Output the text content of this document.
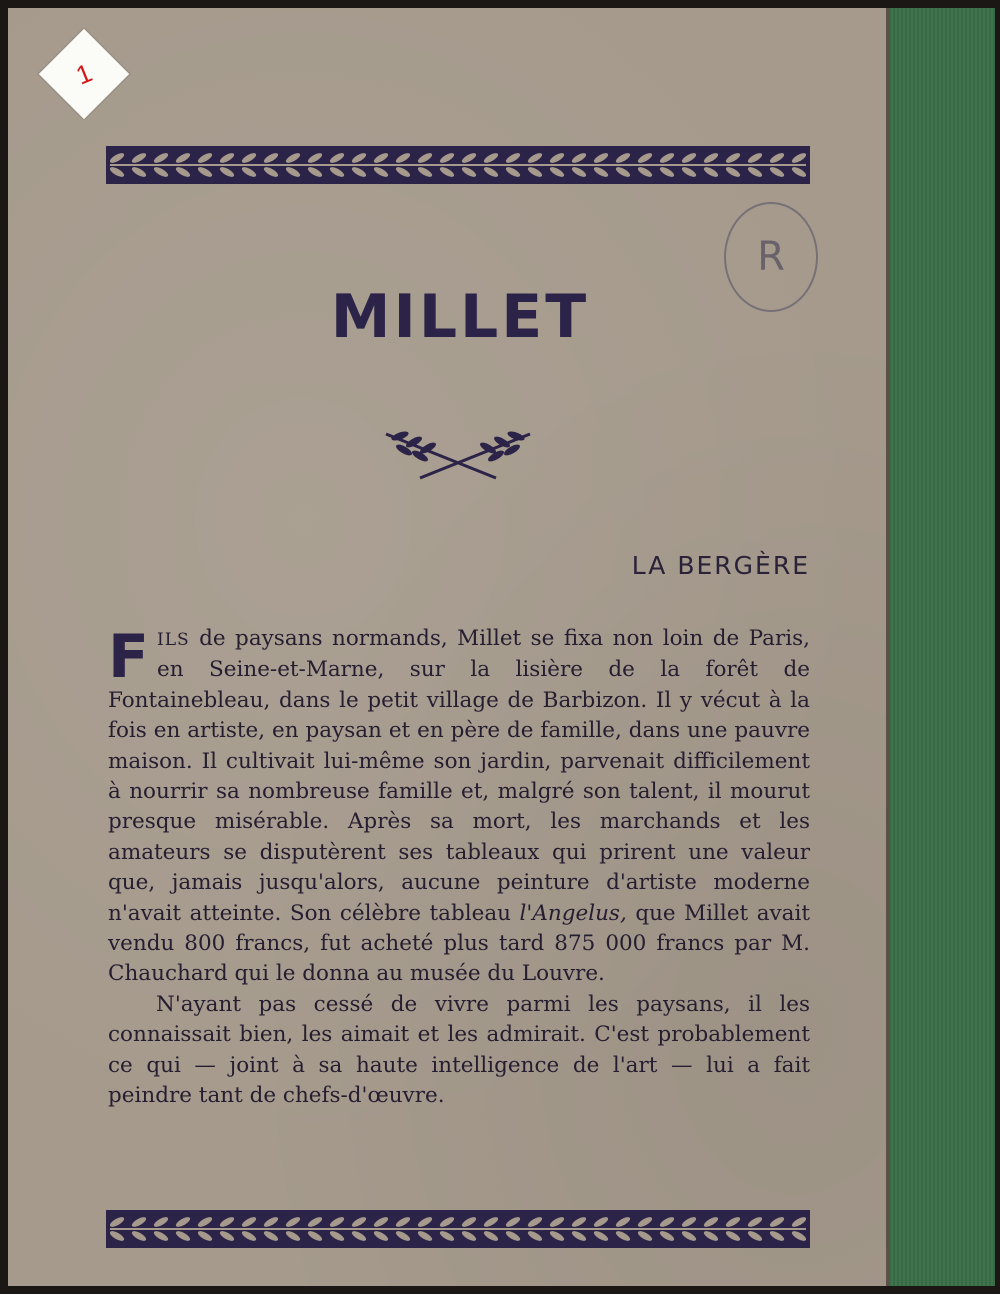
1
R
MILLET
LA BERGÈRE

FILS de paysans normands, Millet se fixa non loin de Paris, en Seine-et-Marne, sur la lisière de la forêt de Fontainebleau, dans le petit village de Barbizon. Il y vécut à la fois en artiste, en paysan et en père de famille, dans une pauvre maison. Il cultivait lui-même son jardin, parvenait difficilement à nourrir sa nombreuse famille et, malgré son talent, il mourut presque misérable. Après sa mort, les marchands et les amateurs se disputèrent ses tableaux qui prirent une valeur que, jamais jusqu'alors, aucune peinture d'artiste moderne n'avait atteinte. Son célèbre tableau l'Angelus, que Millet avait vendu 800 francs, fut acheté plus tard 875 000 francs par M. Chauchard qui le donna au musée du Louvre.

N'ayant pas cessé de vivre parmi les paysans, il les connaissait bien, les aimait et les admirait. C'est probablement ce qui — joint à sa haute intelligence de l'art — lui a fait peindre tant de chefs-d'œuvre.
